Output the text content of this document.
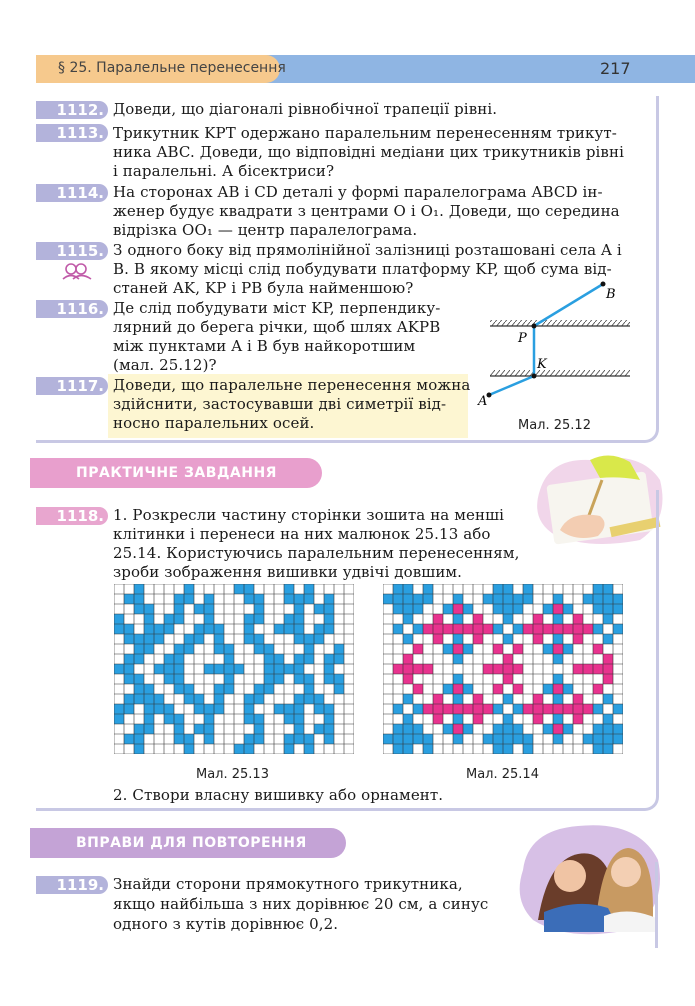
§ 25. Паралельне перенесення	217
1112.
1113.
1114.
1115.
1116.
1117.
Доведи, що діагоналі рівнобічної трапеції рівні.
Трикутник KPT одержано паралельним перенесенням трикут-
ника ABC. Доведи, що відповідні медіани цих трикутників рівні
і паралельні. А бісектриси?
На сторонах AB і CD деталі у формі паралелограма ABCD ін-
женер будує квадрати з центрами O і O₁. Доведи, що середина
відрізка OO₁ — центр паралелограма.
З одного боку від прямолінійної залізниці розташовані села A і
B. В якому місці слід побудувати платформу KP, щоб сума від-
станей AK, KP і PB була найменшою?
Де слід побудувати міст KP, перпендику-
лярний до берега річки, щоб шлях AKPB
між пунктами A і B був найкоротшим
(мал. 25.12)?
Доведи, що паралельне перенесення можна
здійснити, застосувавши дві симетрії від-
носно паралельних осей.
A
K
P
B
Мал. 25.12
ПРАКТИЧНЕ ЗАВДАННЯ
1118. 1. Розкресли частину сторінки зошита на менші
клітинки і перенеси на них малюнок 25.13 або
25.14. Користуючись паралельним перенесенням,
зроби зображення вишивки удвічі довшим.
Мал. 25.13	Мал. 25.14
2. Створи власну вишивку або орнамент.
ВПРАВИ ДЛЯ ПОВТОРЕННЯ
1119. Знайди сторони прямокутного трикутника,
якщо найбільша з них дорівнює 20 см, а синус
одного з кутів дорівнює 0,2.
